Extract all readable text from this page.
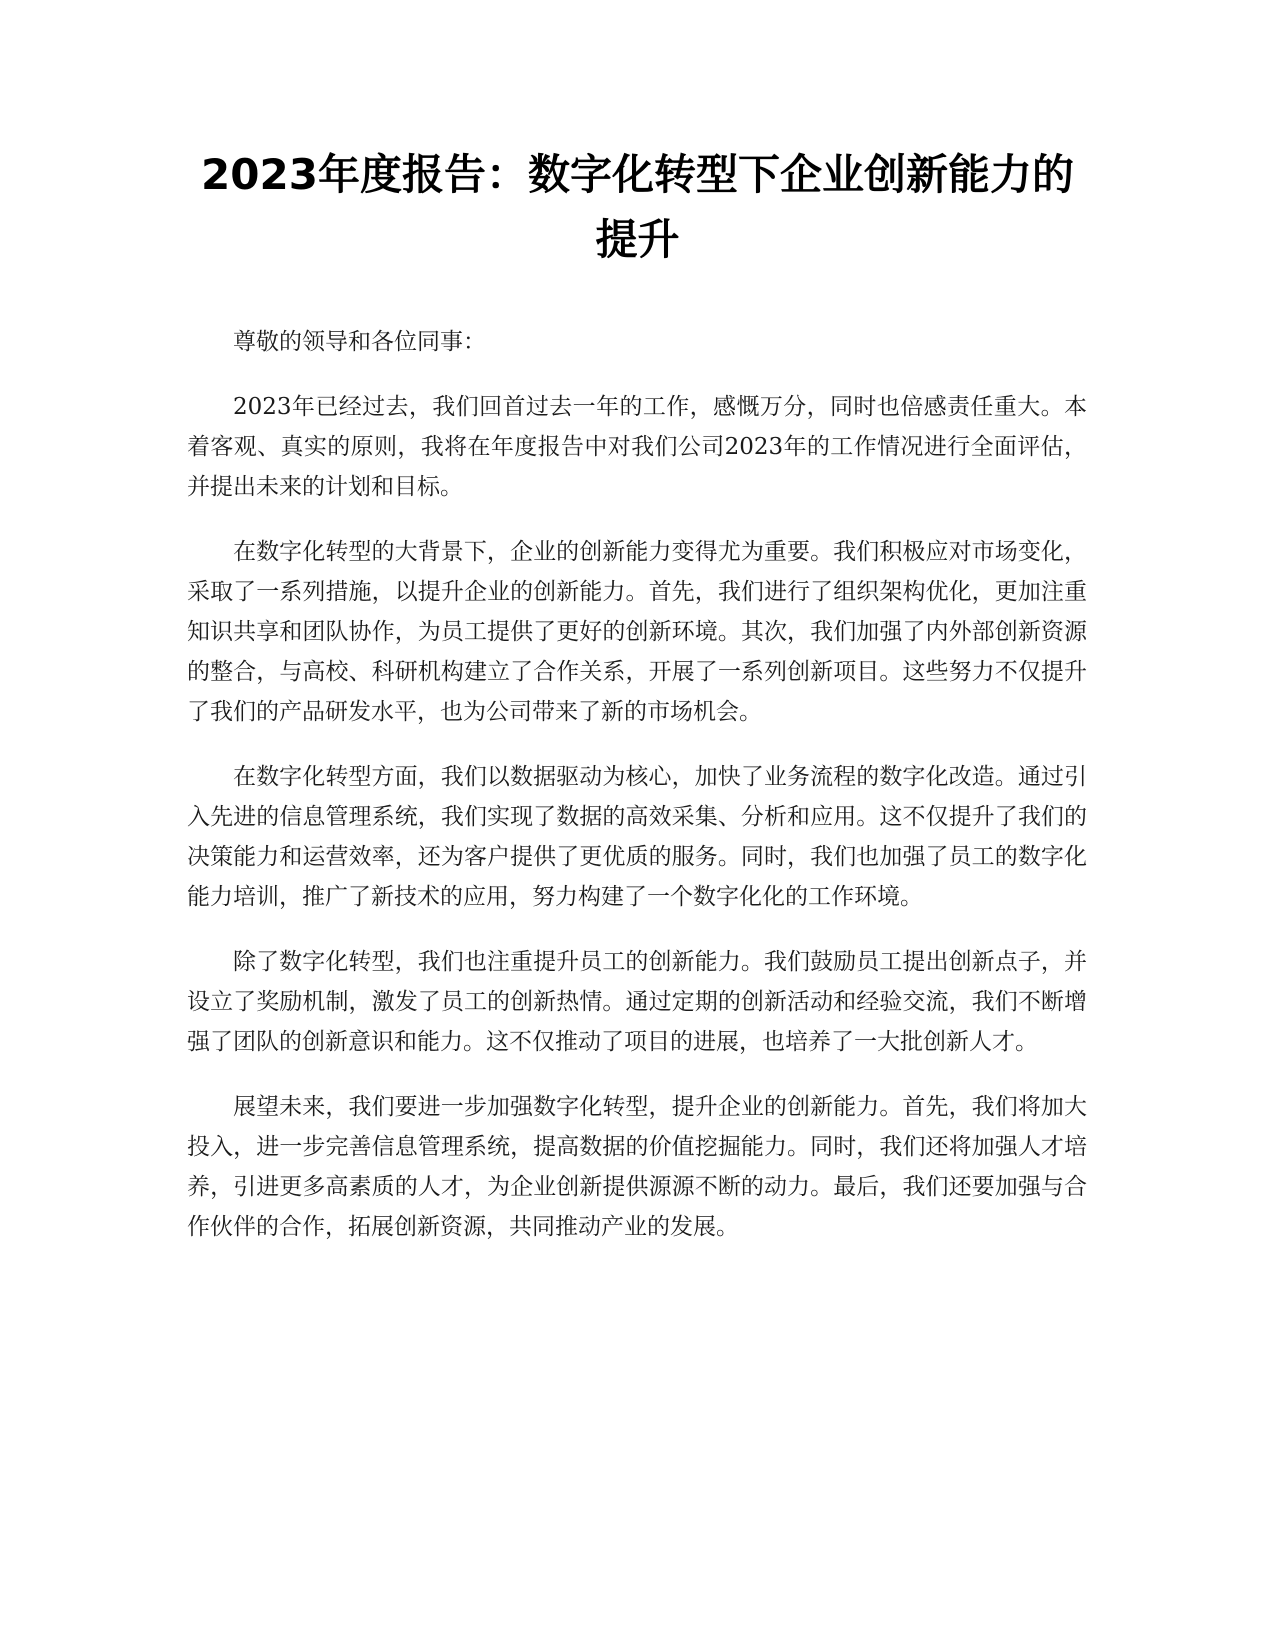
2023年度报告：数字化转型下企业创新能力的提升

尊敬的领导和各位同事：

2023年已经过去，我们回首过去一年的工作，感慨万分，同时也倍感责任重大。本着客观、真实的原则，我将在年度报告中对我们公司2023年的工作情况进行全面评估，并提出未来的计划和目标。

在数字化转型的大背景下，企业的创新能力变得尤为重要。我们积极应对市场变化，采取了一系列措施，以提升企业的创新能力。首先，我们进行了组织架构优化，更加注重知识共享和团队协作，为员工提供了更好的创新环境。其次，我们加强了内外部创新资源的整合，与高校、科研机构建立了合作关系，开展了一系列创新项目。这些努力不仅提升了我们的产品研发水平，也为公司带来了新的市场机会。

在数字化转型方面，我们以数据驱动为核心，加快了业务流程的数字化改造。通过引入先进的信息管理系统，我们实现了数据的高效采集、分析和应用。这不仅提升了我们的决策能力和运营效率，还为客户提供了更优质的服务。同时，我们也加强了员工的数字化能力培训，推广了新技术的应用，努力构建了一个数字化化的工作环境。

除了数字化转型，我们也注重提升员工的创新能力。我们鼓励员工提出创新点子，并设立了奖励机制，激发了员工的创新热情。通过定期的创新活动和经验交流，我们不断增强了团队的创新意识和能力。这不仅推动了项目的进展，也培养了一大批创新人才。

展望未来，我们要进一步加强数字化转型，提升企业的创新能力。首先，我们将加大投入，进一步完善信息管理系统，提高数据的价值挖掘能力。同时，我们还将加强人才培养，引进更多高素质的人才，为企业创新提供源源不断的动力。最后，我们还要加强与合作伙伴的合作，拓展创新资源，共同推动产业的发展。
